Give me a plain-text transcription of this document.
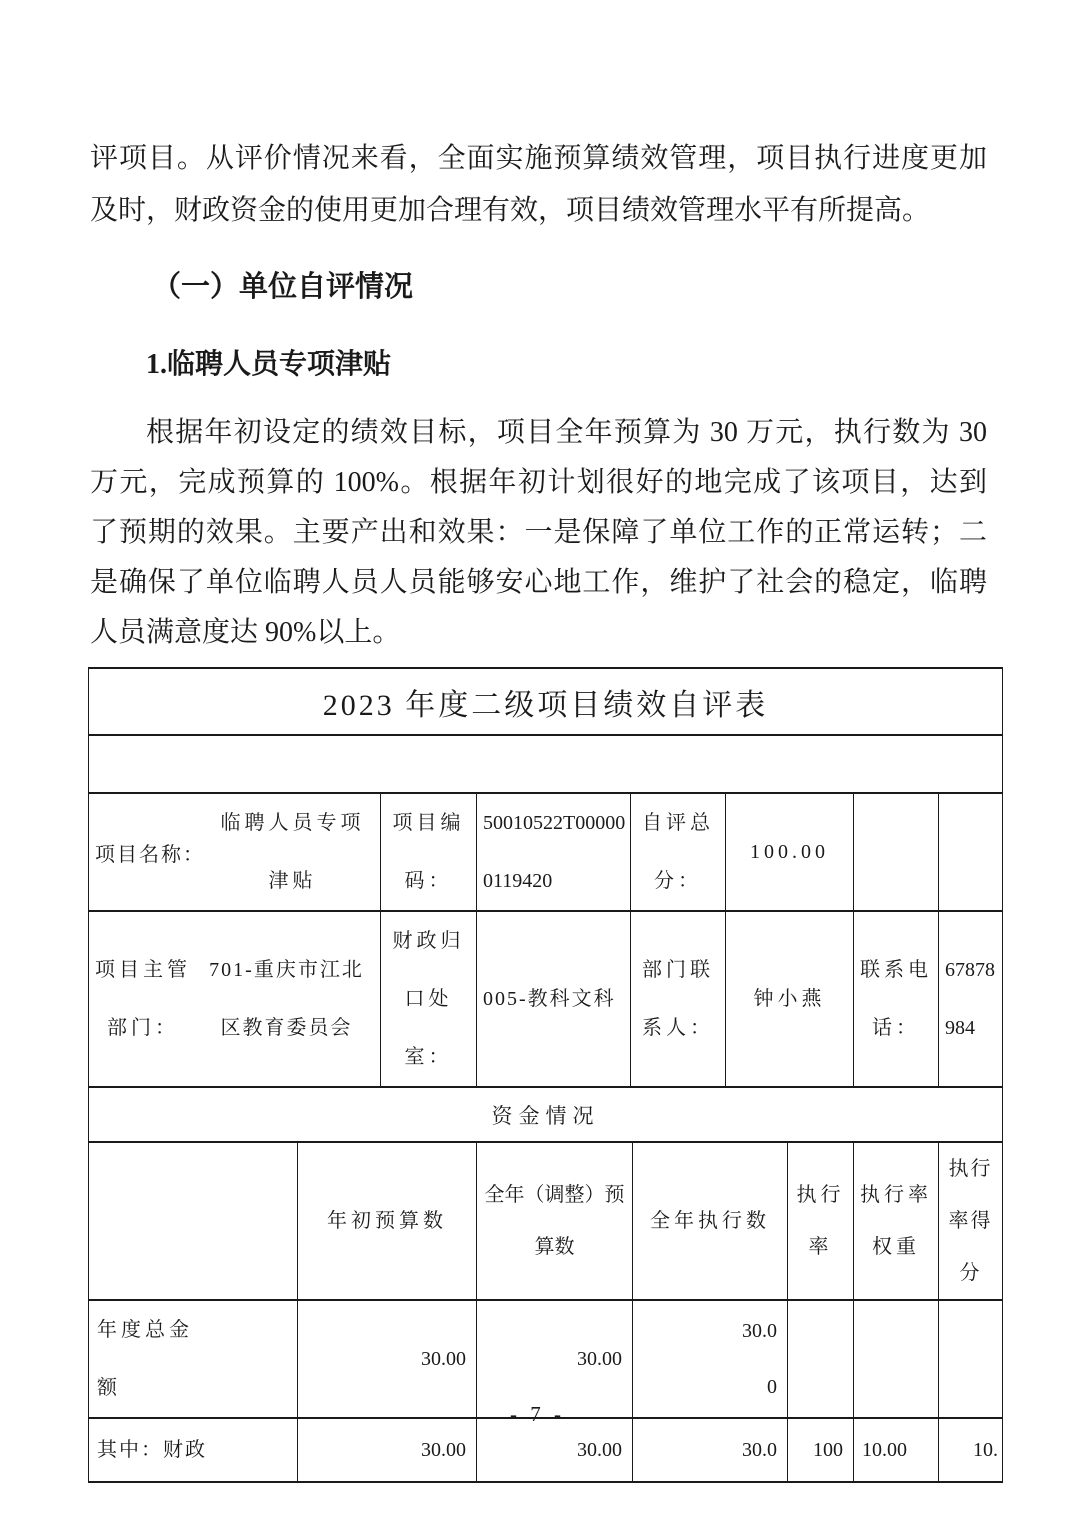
评项目。从评价情况来看，全面实施预算绩效管理，项目执行进度更加
及时，财政资金的使用更加合理有效，项目绩效管理水平有所提高。
（一）单位自评情况
1.临聘人员专项津贴
根据年初设定的绩效目标，项目全年预算为 30 万元，执行数为 30
万元，完成预算的 100%。根据年初计划很好的地完成了该项目，达到
了预期的效果。主要产出和效果：一是保障了单位工作的正常运转；二
是确保了单位临聘人员人员能够安心地工作，维护了社会的稳定，临聘
人员满意度达 90%以上。
2023 年度二级项目绩效自评表						

项目名称：
临聘人员专项津贴	项目编码：	50010522T000000119420	自评总分：	100.00		

项目主管部门：
701-重庆市江北区教育委员会	财政归口处室：	005-教科文科	部门联系人：	钟小燕	联系电话：	67878984
资金情况						
	年初预算数	全年（调整）预算数	全年执行数	执行率	执行率权重	执行率得分
年度总金额	30.00	30.00	30.00			
其中：财政	30.00	30.00	30.0	100	10.00	10.
- 7 -
